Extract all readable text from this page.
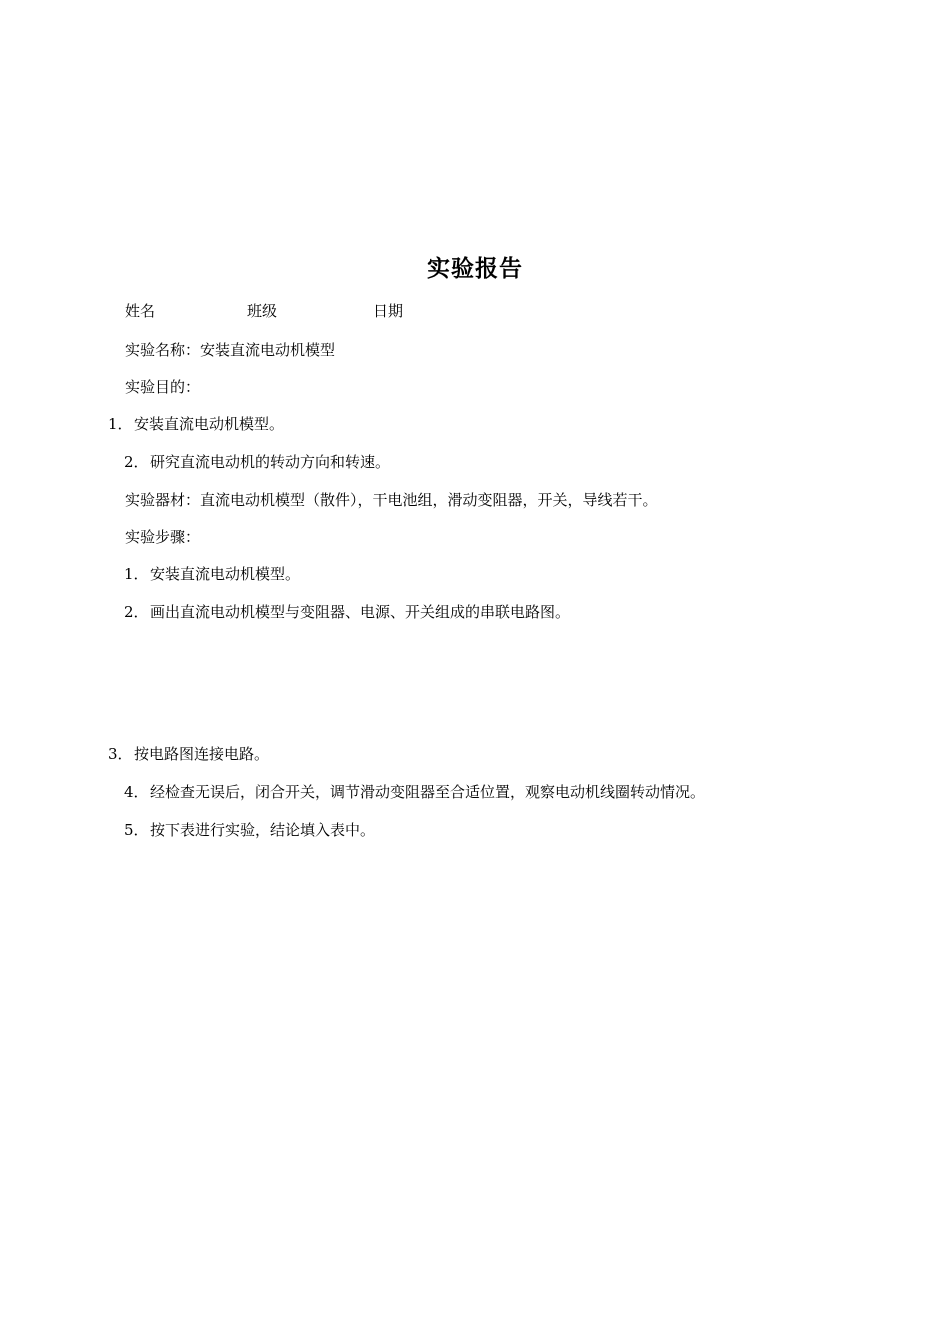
实验报告
姓名	班级	日期
实验名称：安装直流电动机模型
实验目的：
1．安装直流电动机模型。
2．研究直流电动机的转动方向和转速。
实验器材：直流电动机模型（散件），干电池组，滑动变阻器，开关，导线若干。
实验步骤：
1．安装直流电动机模型。
2．画出直流电动机模型与变阻器、电源、开关组成的串联电路图。
3．按电路图连接电路。
4．经检查无误后，闭合开关，调节滑动变阻器至合适位置，观察电动机线圈转动情况。
5．按下表进行实验，结论填入表中。
